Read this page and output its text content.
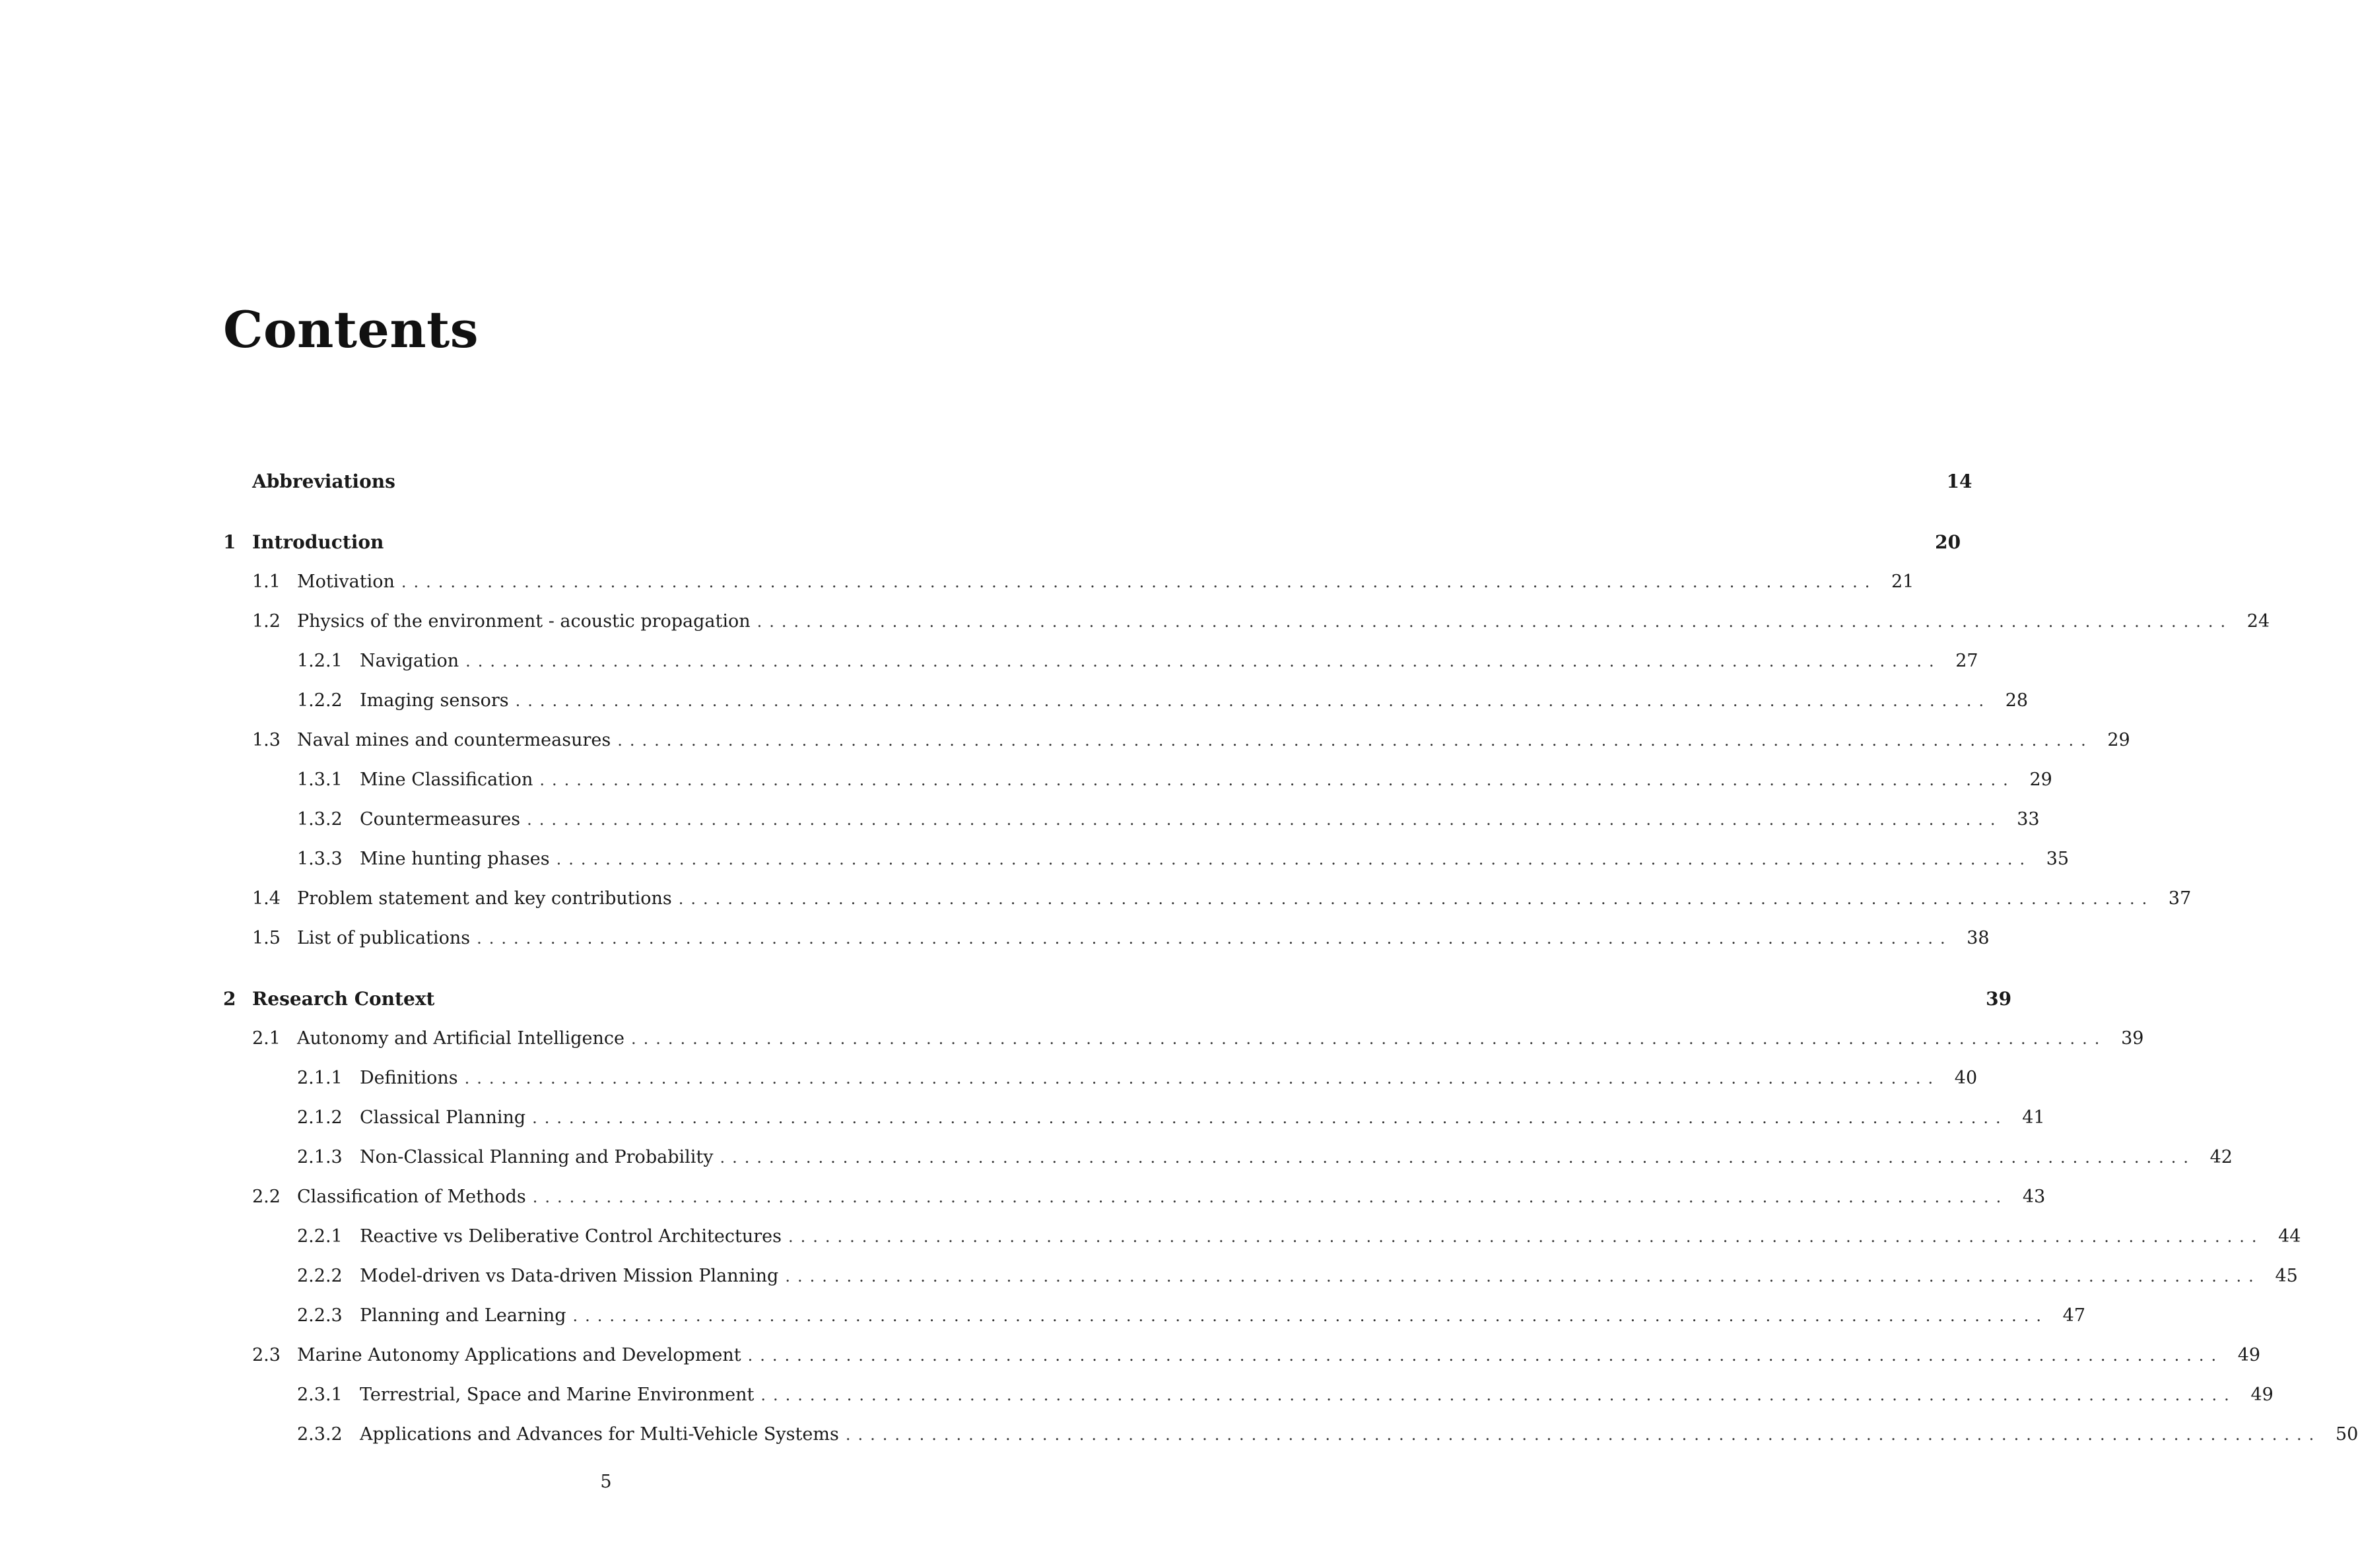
Contents
Abbreviations	14
1 Introduction	20
1.1 Motivation ........................................................................................................................ 21
1.2 Physics of the environment - acoustic propagation ........................................................................................................................ 24
1.2.1 Navigation ........................................................................................................................ 27
1.2.2 Imaging sensors ........................................................................................................................ 28
1.3 Naval mines and countermeasures ........................................................................................................................ 29
1.3.1 Mine Classification ........................................................................................................................ 29
1.3.2 Countermeasures ........................................................................................................................ 33
1.3.3 Mine hunting phases ........................................................................................................................ 35
1.4 Problem statement and key contributions ........................................................................................................................ 37
1.5 List of publications ........................................................................................................................ 38
2 Research Context	39
2.1 Autonomy and Artificial Intelligence ........................................................................................................................ 39
2.1.1 Definitions ........................................................................................................................ 40
2.1.2 Classical Planning ........................................................................................................................ 41
2.1.3 Non-Classical Planning and Probability ........................................................................................................................ 42
2.2 Classification of Methods ........................................................................................................................ 43
2.2.1 Reactive vs Deliberative Control Architectures ........................................................................................................................ 44
2.2.2 Model-driven vs Data-driven Mission Planning ........................................................................................................................ 45
2.2.3 Planning and Learning ........................................................................................................................ 47
2.3 Marine Autonomy Applications and Development ........................................................................................................................ 49
2.3.1 Terrestrial, Space and Marine Environment ........................................................................................................................ 49
2.3.2 Applications and Advances for Multi-Vehicle Systems ........................................................................................................................ 50
5
